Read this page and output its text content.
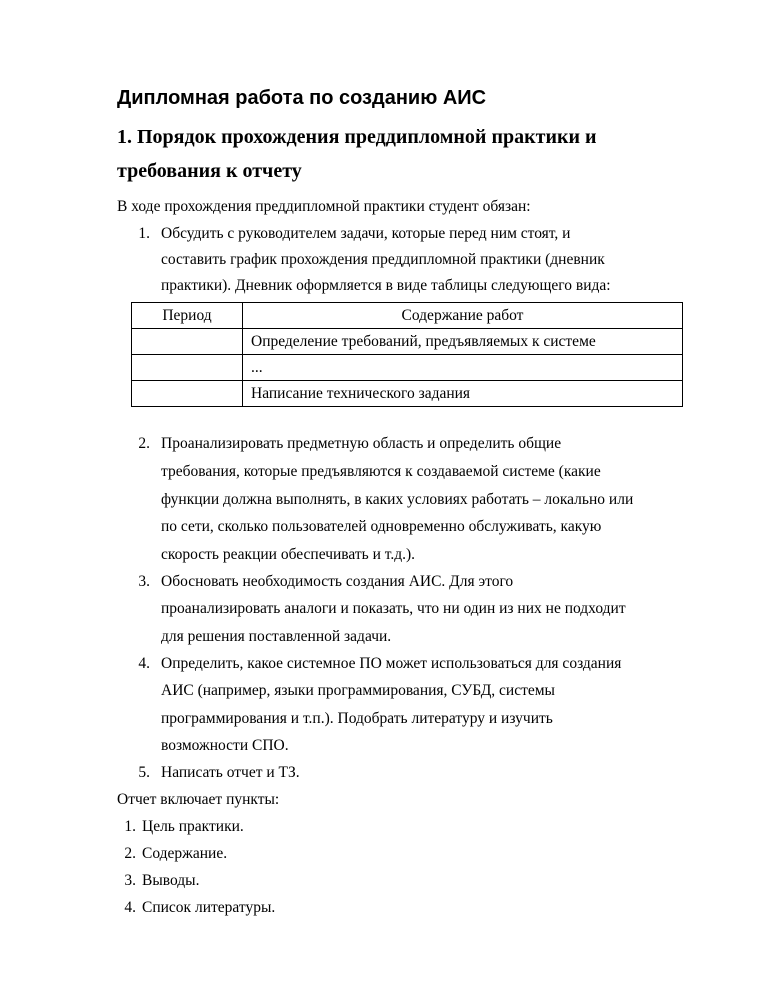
Дипломная работа по созданию АИС
1. Порядок прохождения преддипломной практики и
требования к отчету
В ходе прохождения преддипломной практики студент обязан:
1. Обсудить с руководителем задачи, которые перед ним стоят, и
составить график прохождения преддипломной практики (дневник
практики). Дневник оформляется в виде таблицы следующего вида:
Период	Содержание работ
	Определение требований, предъявляемых к системе
	...
	Написание технического задания
2. Проанализировать предметную область и определить общие
требования, которые предъявляются к создаваемой системе (какие
функции должна выполнять, в каких условиях работать – локально или
по сети, сколько пользователей одновременно обслуживать, какую
скорость реакции обеспечивать и т.д.).
3. Обосновать необходимость создания АИС. Для этого
проанализировать аналоги и показать, что ни один из них не подходит
для решения поставленной задачи.
4. Определить, какое системное ПО может использоваться для создания
АИС (например, языки программирования, СУБД, системы
программирования и т.п.). Подобрать литературу и изучить
возможности СПО.
5. Написать отчет и ТЗ.
Отчет включает пункты:
1. Цель практики.
2. Содержание.
3. Выводы.
4. Список литературы.
